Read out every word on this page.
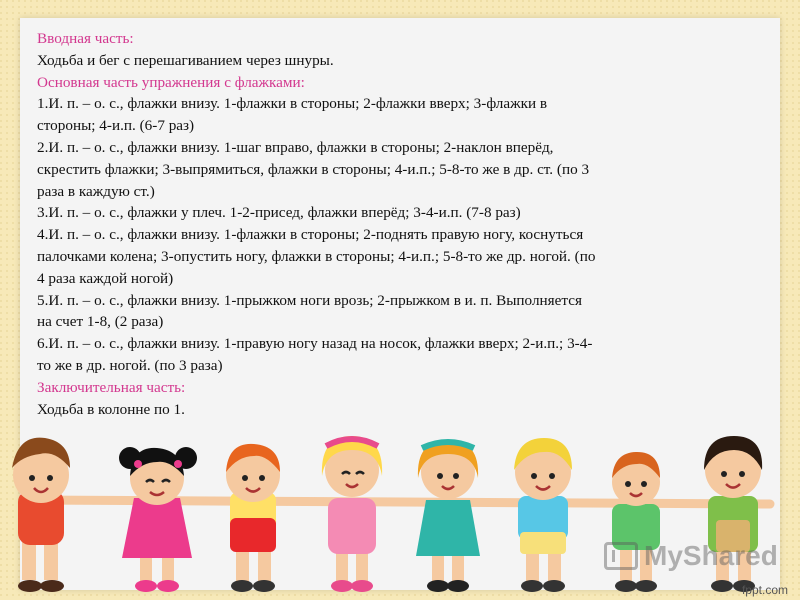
Вводная часть:

Ходьба и бег с перешагиванием через шнуры.

Основная часть упражнения с флажками:

1.И. п. – о. с., флажки внизу. 1-флажки в стороны; 2-флажки вверх; 3-флажки в стороны; 4-и.п. (6-7 раз)

2.И. п. – о. с., флажки внизу. 1-шаг вправо, флажки в стороны; 2-наклон вперёд, скрестить флажки; 3-выпрямиться, флажки в стороны; 4-и.п.; 5-8-то же в др. ст. (по 3 раза в каждую ст.)

3.И. п. – о. с., флажки у плеч. 1-2-присед, флажки вперёд; 3-4-и.п. (7-8 раз)

4.И. п. – о. с., флажки внизу. 1-флажки в стороны; 2-поднять правую ногу, коснуться палочками колена; 3-опустить ногу, флажки в стороны; 4-и.п.; 5-8-то же др. ногой. (по 4 раза каждой ногой)

5.И. п. – о. с., флажки внизу. 1-прыжком ноги врозь; 2-прыжком в и. п. Выполняется на счет 1-8, (2 раза)

6.И. п. – о. с., флажки внизу. 1-правую ногу назад на носок, флажки вверх; 2-и.п.; 3-4-то же в др. ногой. (по 3 раза)

Заключительная часть:

Ходьба в колонне по 1.

MyShared
fppt.com
